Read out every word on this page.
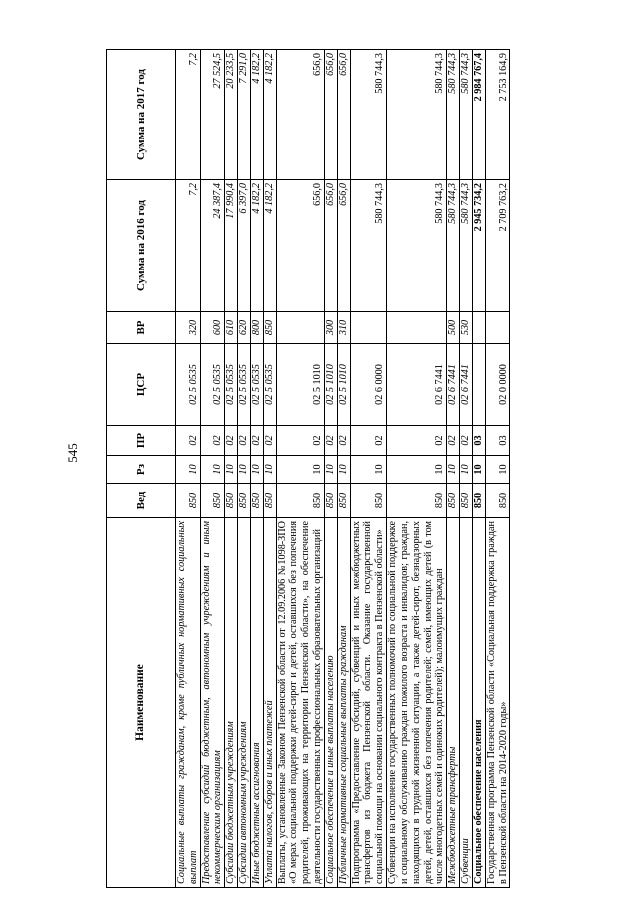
545
Наименование	Вед	Рз	ПР	ЦСР	ВР	Сумма на 2016 год	Сумма на 2017 год
Социальные выплаты гражданам, кроме публичных нормативных социальных выплат	850	10	02	02 5 0535	320	7,2	7,2
Предоставление субсидий бюджетным, автономным учреждениям и иным некоммерческим организациям	850	10	02	02 5 0535	600	24 387,4	27 524,5
Субсидии бюджетным учреждениям	850	10	02	02 5 0535	610	17 990,4	20 233,5
Субсидии автономным учреждениям	850	10	02	02 5 0535	620	6 397,0	7 291,0
Иные бюджетные ассигнования	850	10	02	02 5 0535	800	4 182,2	4 182,2
Уплата налогов, сборов и иных платежей	850	10	02	02 5 0535	850	4 182,2	4 182,2
Выплаты, установленные Законом Пензенской области от 12.09.2006 №1098-ЗПО «О мерах социальной поддержки детей-сирот и детей, оставшихся без попечения родителей, проживающих на территории Пензенской области», на обеспечение деятельности государственных профессиональных образовательных организаций	850	10	02	02 5 1010		656,0	656,0
Социальное обеспечение и иные выплаты населению	850	10	02	02 5 1010	300	656,0	656,0
Публичные нормативные социальные выплаты гражданам	850	10	02	02 5 1010	310	656,0	656,0
Подпрограмма «Предоставление субсидий, субвенций и иных межбюджетных трансфертов из бюджета Пензенской области. Оказание государственной социальной помощи на основании социального контракта в Пензенской области»	850	10	02	02 6 0000		580 744,3	580 744,3
Субвенции на исполнение государственных полномочий по социальной поддержке и социальному обслуживанию граждан пожилого возраста и инвалидов; граждан, находящихся в трудной жизненной ситуации, а также детей-сирот, безнадзорных детей, детей, оставшихся без попечения родителей; семей, имеющих детей (в том числе многодетных семей и одиноких родителей); малоимущих граждан	850	10	02	02 6 7441		580 744,3	580 744,3
Межбюджетные трансферты	850	10	02	02 6 7441	500	580 744,3	580 744,3
Субвенции	850	10	02	02 6 7441	530	580 744,3	580 744,3
Социальное обеспечение населения	850	10	03			2 945 734,2	2 984 767,4
Государственная программа Пензенской области «Социальная поддержка граждан в Пензенской области на 2014-2020 годы»	850	10	03	02 0 0000		2 709 763,2	2 753 164,9
